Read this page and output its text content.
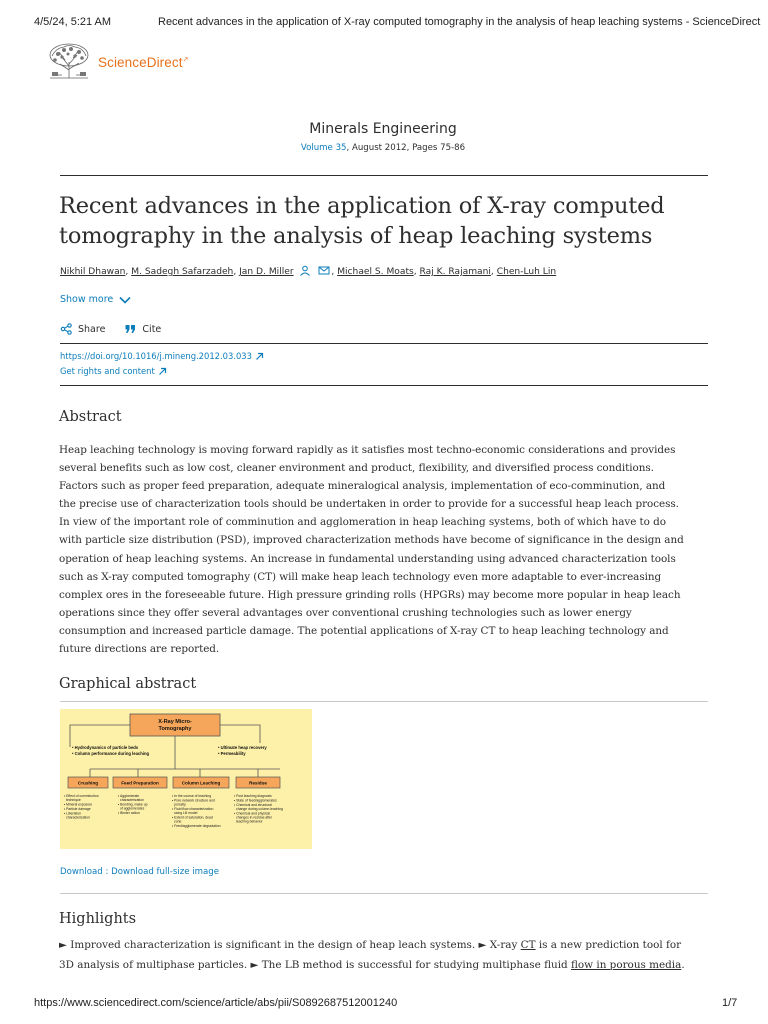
4/5/24, 5:21 AM	Recent advances in the application of X-ray computed tomography in the analysis of heap leaching systems - ScienceDirect
ScienceDirect↗
Minerals Engineering
Volume 35, August 2012, Pages 75-86
Recent advances in the application of X-ray computed
tomography in the analysis of heap leaching systems
Nikhil Dhawan, M. Sadegh Safarzadeh, Jan D. Miller	, Michael S. Moats, Raj K. Rajamani, Chen-Luh Lin
Show more
Share	Cite
https://doi.org/10.1016/j.mineng.2012.03.033
Get rights and content
Abstract
Heap leaching technology is moving forward rapidly as it satisfies most techno-economic considerations and provides
several benefits such as low cost, cleaner environment and product, flexibility, and diversified process conditions.
Factors such as proper feed preparation, adequate mineralogical analysis, implementation of eco-comminution, and
the precise use of characterization tools should be undertaken in order to provide for a successful heap leach process.
In view of the important role of comminution and agglomeration in heap leaching systems, both of which have to do
with particle size distribution (PSD), improved characterization methods have become of significance in the design and
operation of heap leaching systems. An increase in fundamental understanding using advanced characterization tools
such as X-ray computed tomography (CT) will make heap leach technology even more adaptable to ever-increasing
complex ores in the foreseeable future. High pressure grinding rolls (HPGRs) may become more popular in heap leach
operations since they offer several advantages over conventional crushing technologies such as lower energy
consumption and increased particle damage. The potential applications of X-ray CT to heap leaching technology and
future directions are reported.
Graphical abstract
X-Ray Micro-
Tomography
• Hydrodynamics of particle beds
• Column performance during leaching
• Ultimate heap recovery
• Permeability
Crushing	Feed Preparation	Column Leaching	Residue
• Effect of comminution
technique
• Mineral exposure
• Particle damage
• Liberation
characterization
• Agglomerate
characterization
• Bonding, make up
of agglomerates
• Binder action
• In the course of leaching
• Pore network structure and
porosity
• Fluid flow characterization
using LB model
• Extent of saturation, dead
zone
• Feed/agglomerate degradation
• Post leaching diagnosis
• State of feed/agglomerates
• Chemical and structural
change during column leaching
• Chemical and physical
changes in residue after
leaching behavior
Download : Download full-size image
Highlights
► Improved characterization is significant in the design of heap leach systems. ► X-ray CT is a new prediction tool for
3D analysis of multiphase particles. ► The LB method is successful for studying multiphase fluid flow in porous media.
https://www.sciencedirect.com/science/article/abs/pii/S0892687512001240	1/7
